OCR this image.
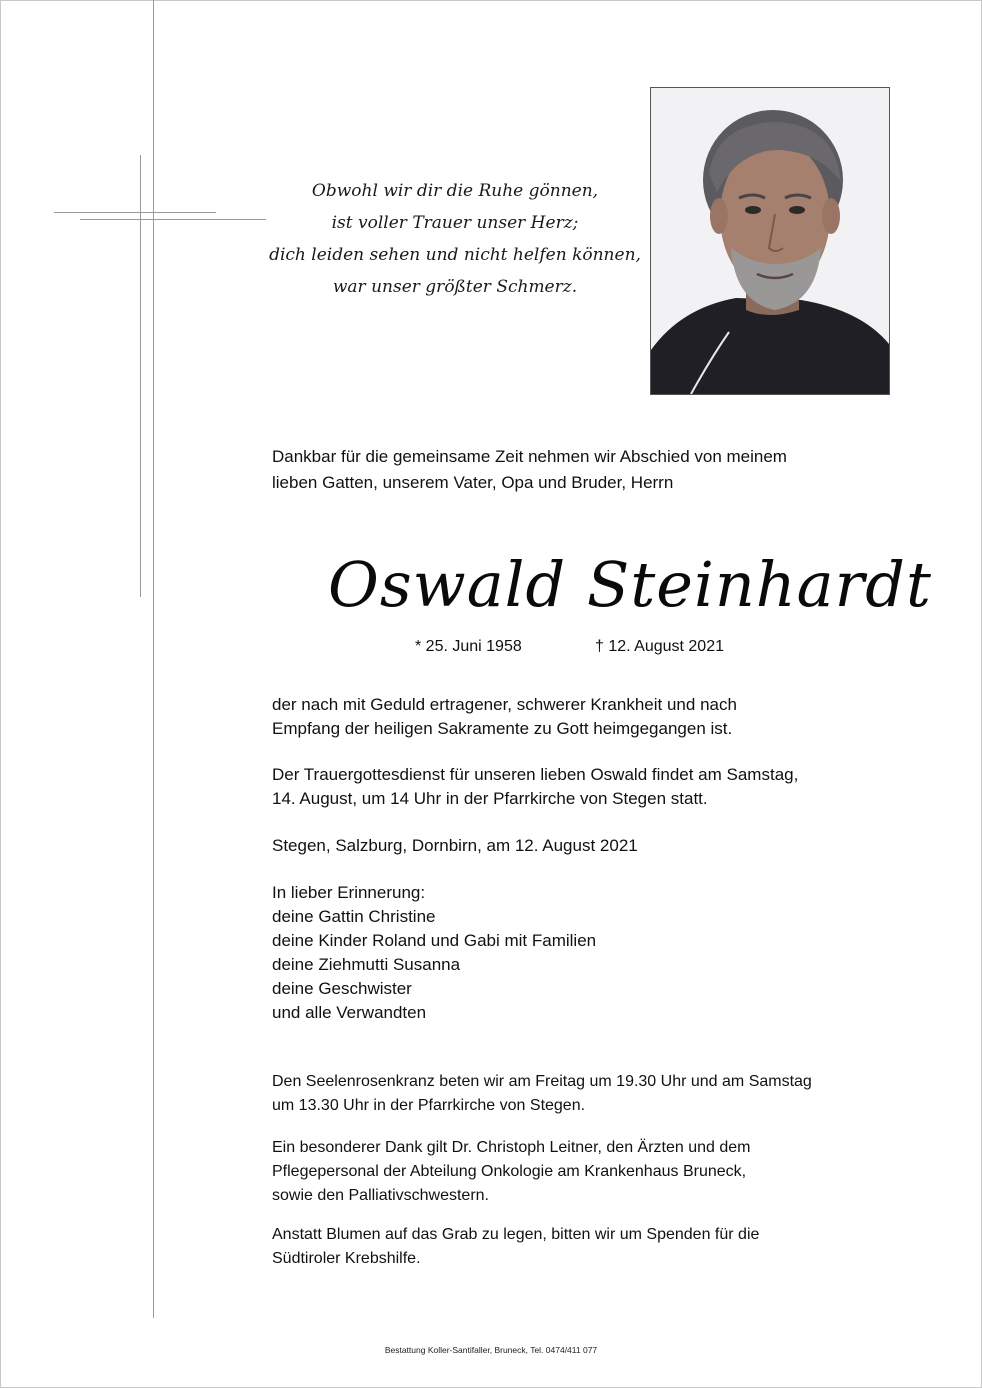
Obwohl wir dir die Ruhe gönnen,
ist voller Trauer unser Herz;
dich leiden sehen und nicht helfen können,
war unser größter Schmerz.
Dankbar für die gemeinsame Zeit nehmen wir Abschied von meinem
lieben Gatten, unserem Vater, Opa und Bruder, Herrn
Oswald Steinhardt
* 25. Juni 1958	† 12. August 2021
der nach mit Geduld ertragener, schwerer Krankheit und nach
Empfang der heiligen Sakramente zu Gott heimgegangen ist.
Der Trauergottesdienst für unseren lieben Oswald findet am Samstag,
14. August, um 14 Uhr in der Pfarrkirche von Stegen statt.
Stegen, Salzburg, Dornbirn, am 12. August 2021
In lieber Erinnerung:
deine Gattin Christine
deine Kinder Roland und Gabi mit Familien
deine Ziehmutti Susanna
deine Geschwister
und alle Verwandten
Den Seelenrosenkranz beten wir am Freitag um 19.30 Uhr und am Samstag
um 13.30 Uhr in der Pfarrkirche von Stegen.
Ein besonderer Dank gilt Dr. Christoph Leitner, den Ärzten und dem
Pflegepersonal der Abteilung Onkologie am Krankenhaus Bruneck,
sowie den Palliativschwestern.
Anstatt Blumen auf das Grab zu legen, bitten wir um Spenden für die
Südtiroler Krebshilfe.
Bestattung Koller-Santifaller, Bruneck, Tel. 0474/411 077
